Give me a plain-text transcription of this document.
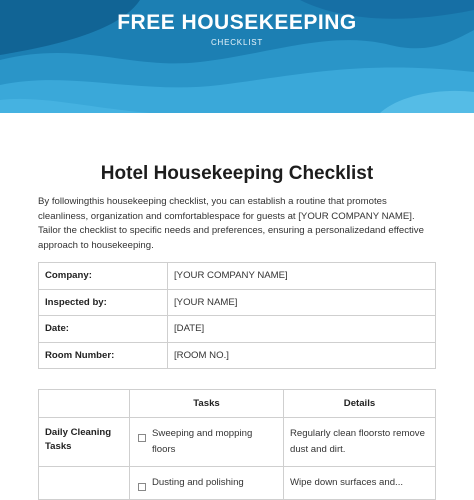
FREE HOUSEKEEPING
CHECKLIST
Hotel Housekeeping Checklist
By followingthis housekeeping checklist, you can establish a routine that promotes cleanliness, organization and comfortablespace for guests at [YOUR COMPANY NAME]. Tailor the checklist to specific needs and preferences, ensuring a personalizedand effective approach to housekeeping.
Company:	[YOUR COMPANY NAME]
Inspected by:	[YOUR NAME]
Date:	[DATE]
Room Number:	[ROOM NO.]
	Tasks	Details
Daily Cleaning Tasks	Sweeping and mopping floors	Regularly clean floorsto remove dust and dirt.

	Dusting and polishing	Wipe down surfaces and...
